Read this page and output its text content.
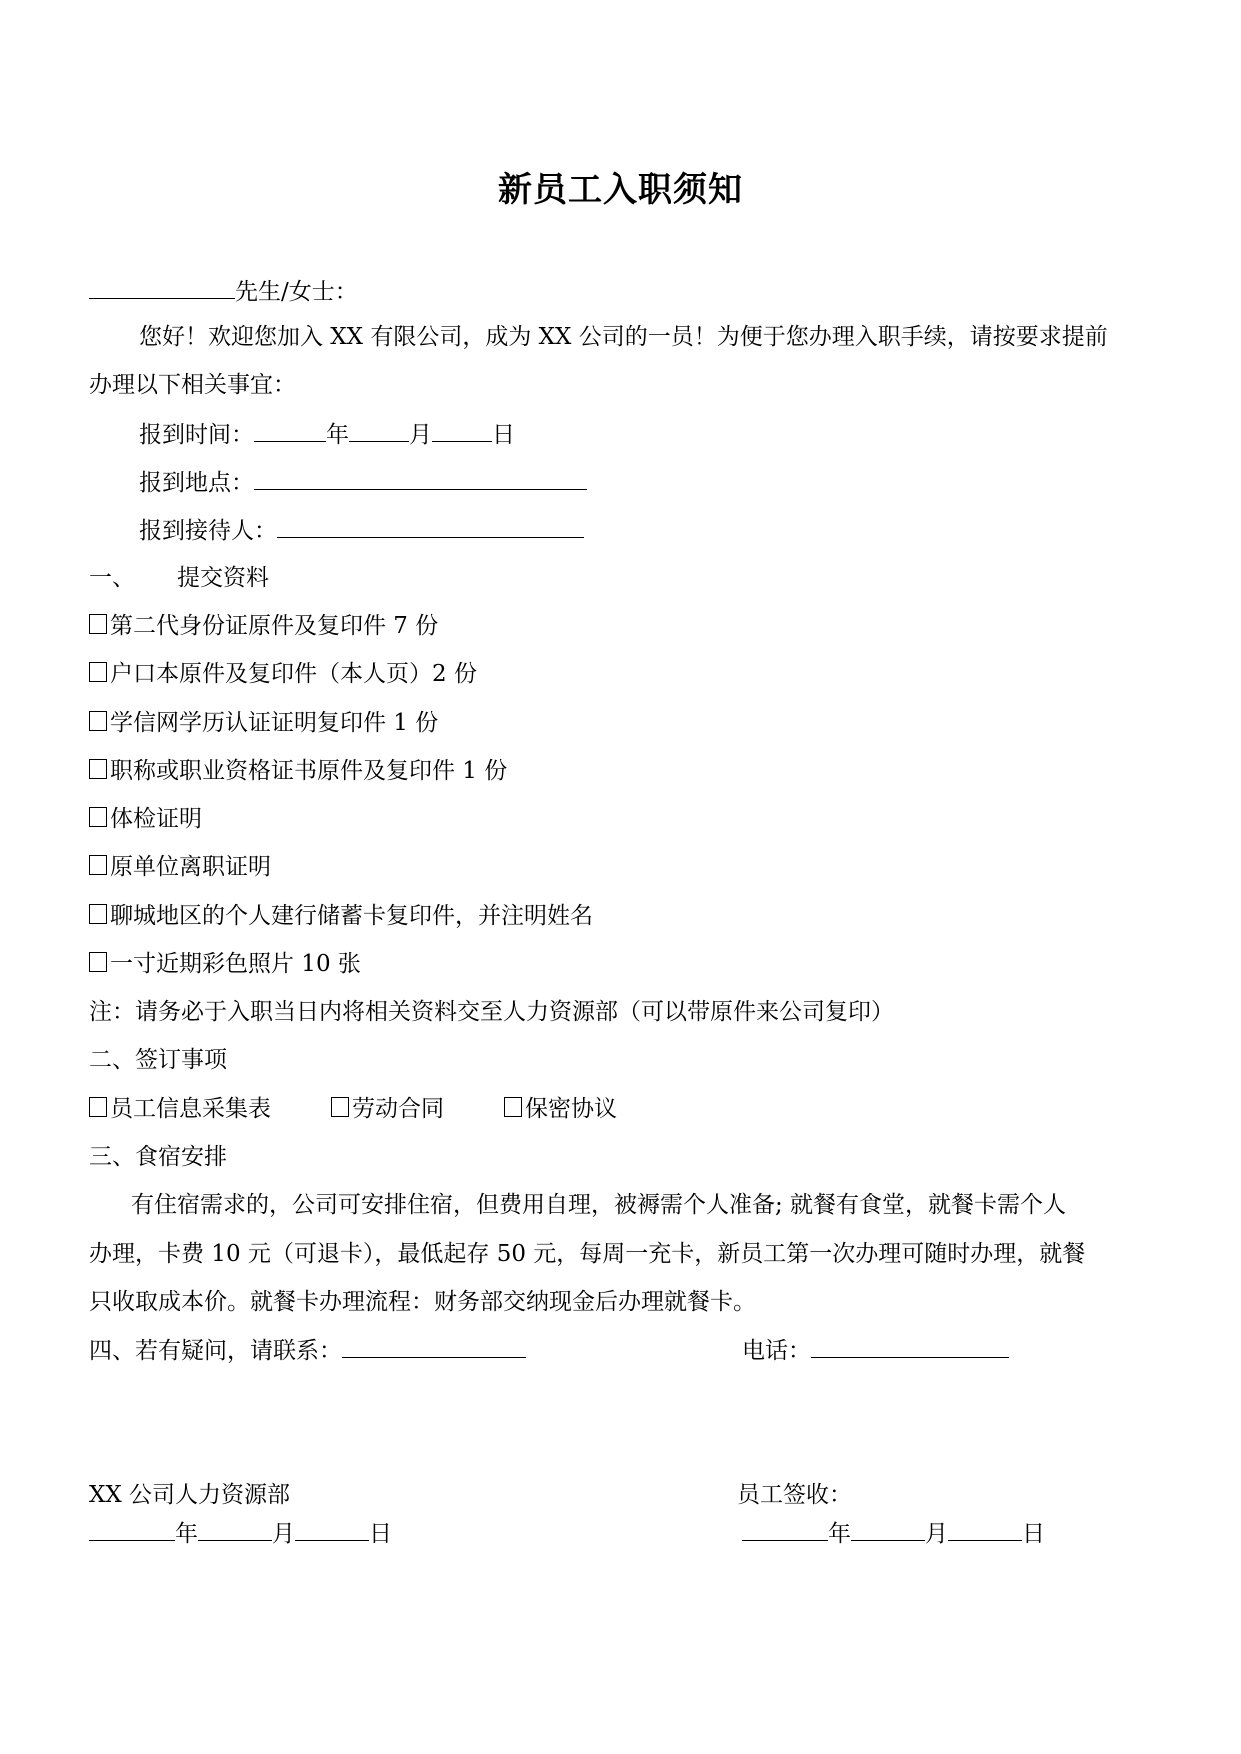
新员工入职须知
先生/女士：
您好！欢迎您加入 XX 有限公司，成为 XX 公司的一员！为便于您办理入职手续，请按要求提前
办理以下相关事宜：
报到时间：	年	月	日
报到地点：
报到接待人：
一、 提交资料
第二代身份证原件及复印件 7 份
户口本原件及复印件（本人页）2 份
学信网学历认证证明复印件 1 份
职称或职业资格证书原件及复印件 1 份
体检证明
原单位离职证明
聊城地区的个人建行储蓄卡复印件，并注明姓名
一寸近期彩色照片 10 张
注：请务必于入职当日内将相关资料交至人力资源部（可以带原件来公司复印）
二、签订事项
员工信息采集表	劳动合同	保密协议
三、食宿安排
有住宿需求的，公司可安排住宿，但费用自理，被褥需个人准备; 就餐有食堂，就餐卡需个人
办理，卡费 10 元（可退卡），最低起存 50 元，每周一充卡，新员工第一次办理可随时办理，就餐
只收取成本价。就餐卡办理流程：财务部交纳现金后办理就餐卡。
四、若有疑问，请联系：	电话：
XX 公司人力资源部	员工签收：
年	月	日	年	月	日
